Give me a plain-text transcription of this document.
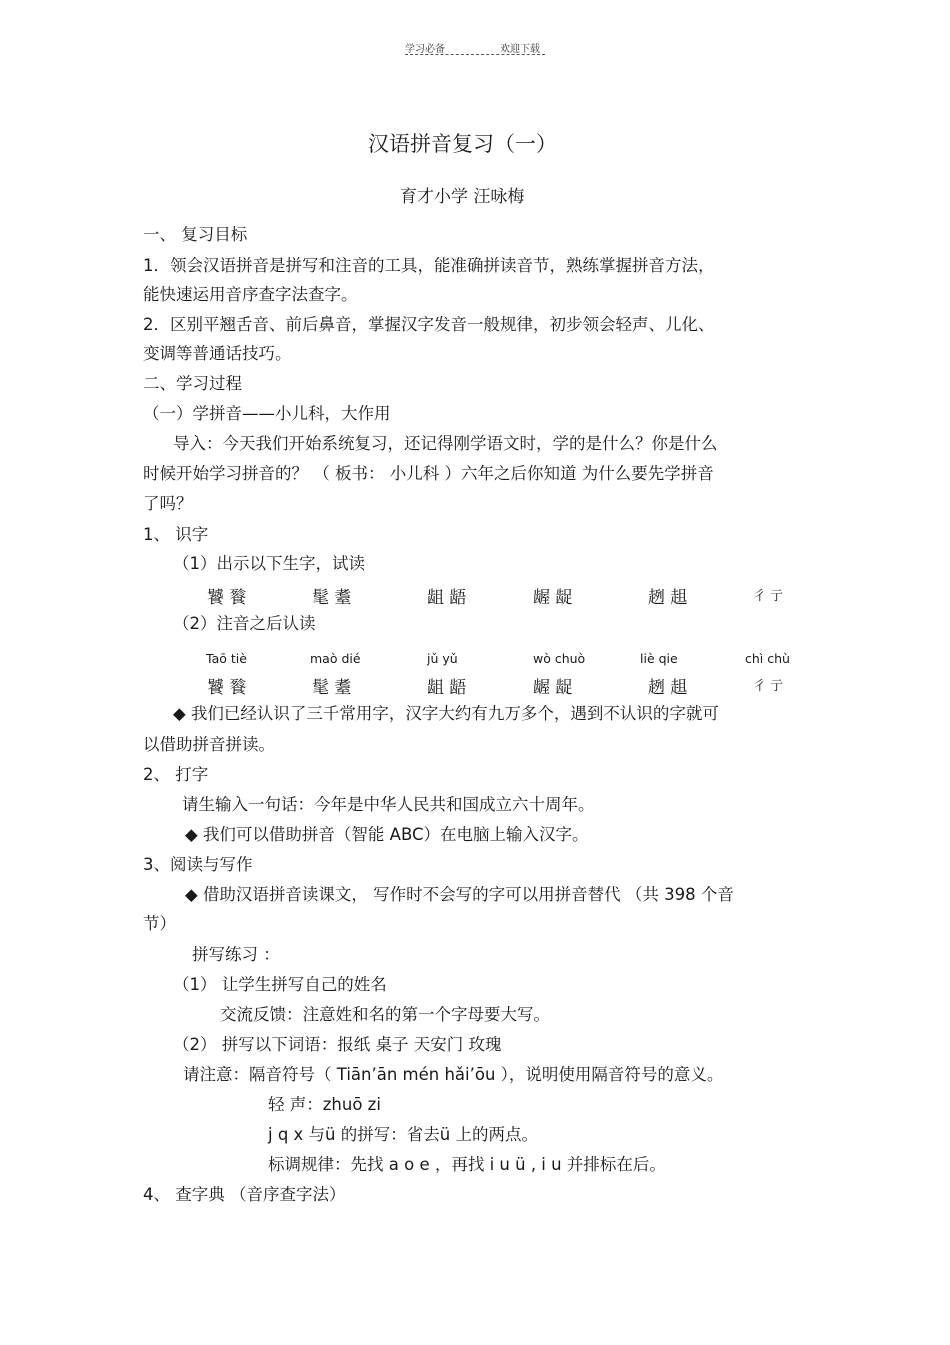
学习必备	欢迎下载
汉语拼音复习（一）
育才小学 汪咏梅
一、 复习目标
1．领会汉语拼音是拼写和注音的工具，能准确拼读音节，熟练掌握拼音方法，
能快速运用音序查字法查字。
2．区别平翘舌音、前后鼻音，掌握汉字发音一般规律，初步领会轻声、儿化、
变调等普通话技巧。
二、学习过程
（一）学拼音——小儿科，大作用
导入：今天我们开始系统复习，还记得刚学语文时，学的是什么？你是什么
时候开始学习拼音的？ （ 板书： 小儿科 ）六年之后你知道 为什么要先学拼音
了吗？
1、 识字
（1）出示以下生字，试读
饕 餮	髦 耋	龃 龉	龌 龊	趔 趄	彳 亍
（2）注音之后认读
Taō tiè	maò dié	jǔ yǔ	wò chuò	liè qie	chì chù
饕 餮	髦 耋	龃 龉	龌 龊	趔 趄	彳 亍
◆ 我们已经认识了三千常用字，汉字大约有九万多个，遇到不认识的字就可
以借助拼音拼读。
2、 打字
请生输入一句话：今年是中华人民共和国成立六十周年。
◆ 我们可以借助拼音（智能 ABC）在电脑上输入汉字。
3、阅读与写作
◆ 借助汉语拼音读课文， 写作时不会写的字可以用拼音替代 （共 398 个音
节）
拼写练习 ：
（1） 让学生拼写自己的姓名
交流反馈：注意姓和名的第一个字母要大写。
（2） 拼写以下词语：报纸 桌子 天安门 玫瑰
请注意：隔音符号（ Tiān’ān mén hǎi’ōu ），说明使用隔音符号的意义。
轻 声：zhuō zi
j q x 与ü 的拼写：省去ü 上的两点。
标调规律：先找 a o e ，再找 i u ü , i u 并排标在后。
4、 查字典 （音序查字法）
